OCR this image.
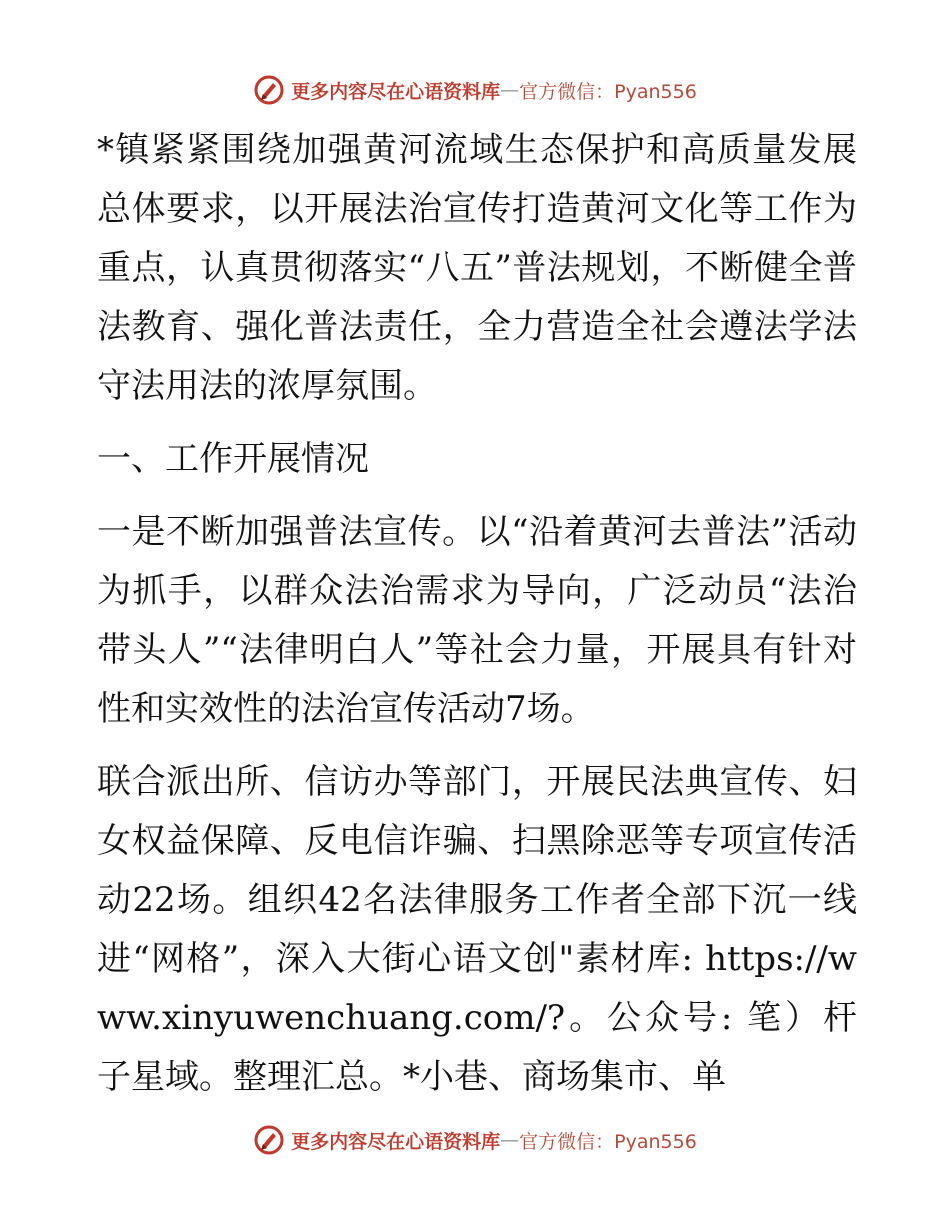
更多内容尽在心语资料库 — 官方微信：Pyan556

*镇紧紧围绕加强黄河流域生态保护和高质量发展总体要求，以开展法治宣传打造黄河文化等工作为重点，认真贯彻落实“八五”普法规划，不断健全普法教育、强化普法责任，全力营造全社会遵法学法守法用法的浓厚氛围。

一、工作开展情况

一是不断加强普法宣传。以“沿着黄河去普法”活动为抓手，以群众法治需求为导向，广泛动员“法治带头人”“法律明白人”等社会力量，开展具有针对性和实效性的法治宣传活动7场。

联合派出所、信访办等部门，开展民法典宣传、妇女权益保障、反电信诈骗、扫黑除恶等专项宣传活动22场。组织42名法律服务工作者全部下沉一线进“网格”，深入大街心语文创"素材库: https://www.xinyuwenchuang.com/?。公众号: 笔）杆子星域。整理汇总。*小巷、商场集市、单

更多内容尽在心语资料库 — 官方微信：Pyan556
